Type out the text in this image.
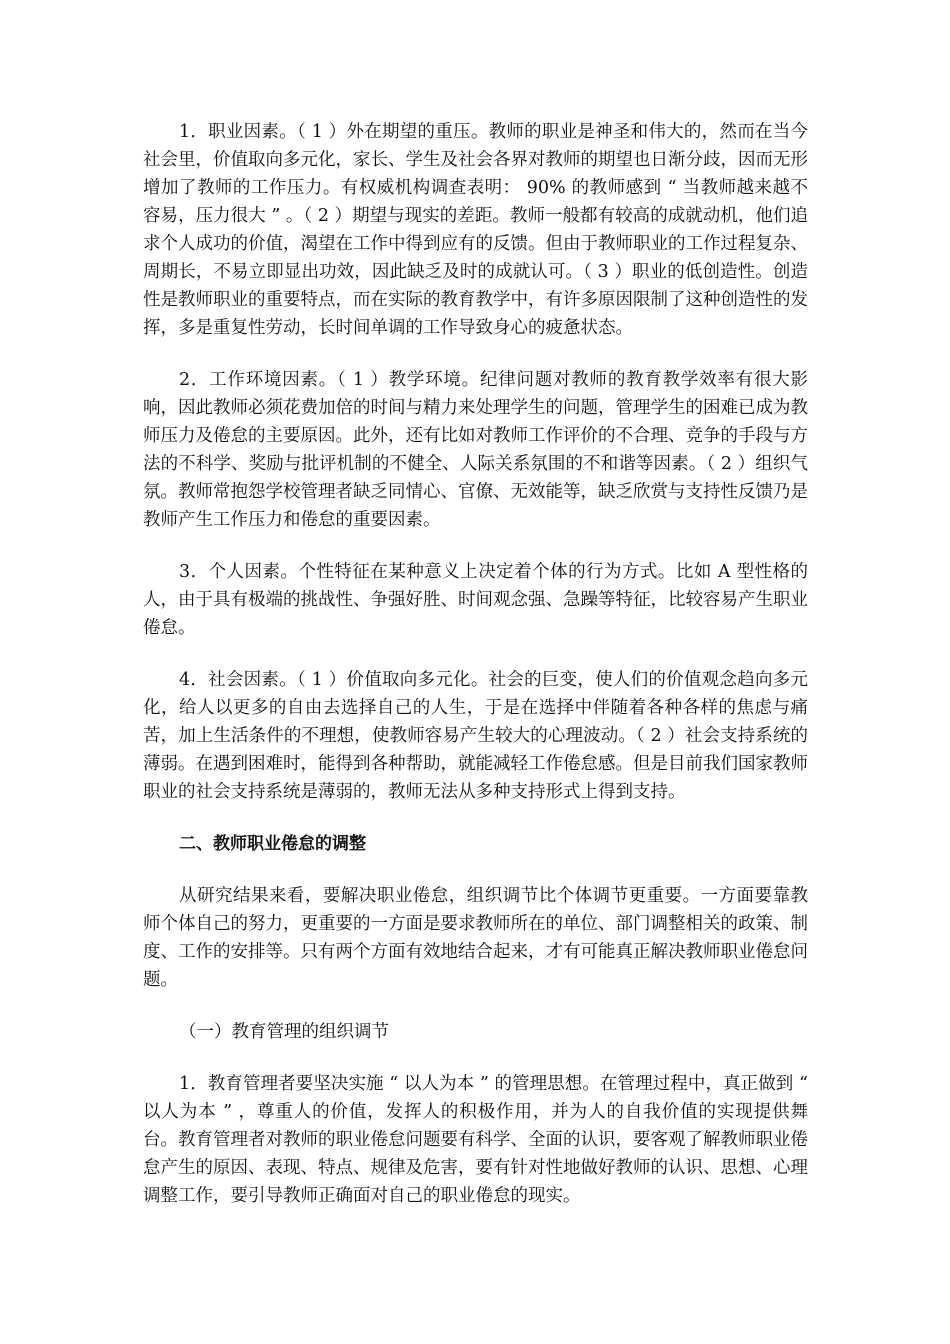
1．职业因素。（ 1 ）外在期望的重压。教师的职业是神圣和伟大的，然而在当今社会里，价值取向多元化，家长、学生及社会各界对教师的期望也日渐分歧，因而无形增加了教师的工作压力。有权威机构调查表明： 90% 的教师感到 “ 当教师越来越不容易，压力很大 ” 。（ 2 ）期望与现实的差距。教师一般都有较高的成就动机，他们追求个人成功的价值，渴望在工作中得到应有的反馈。但由于教师职业的工作过程复杂、周期长，不易立即显出功效，因此缺乏及时的成就认可。（ 3 ）职业的低创造性。创造性是教师职业的重要特点，而在实际的教育教学中，有许多原因限制了这种创造性的发挥，多是重复性劳动，长时间单调的工作导致身心的疲惫状态。

2．工作环境因素。（ 1 ）教学环境。纪律问题对教师的教育教学效率有很大影响，因此教师必须花费加倍的时间与精力来处理学生的问题，管理学生的困难已成为教师压力及倦怠的主要原因。此外，还有比如对教师工作评价的不合理、竞争的手段与方法的不科学、奖励与批评机制的不健全、人际关系氛围的不和谐等因素。（ 2 ）组织气氛。教师常抱怨学校管理者缺乏同情心、官僚、无效能等，缺乏欣赏与支持性反馈乃是教师产生工作压力和倦怠的重要因素。

3．个人因素。个性特征在某种意义上决定着个体的行为方式。比如 A 型性格的人，由于具有极端的挑战性、争强好胜、时间观念强、急躁等特征，比较容易产生职业倦怠。

4．社会因素。（ 1 ）价值取向多元化。社会的巨变，使人们的价值观念趋向多元化，给人以更多的自由去选择自己的人生，于是在选择中伴随着各种各样的焦虑与痛苦，加上生活条件的不理想，使教师容易产生较大的心理波动。（ 2 ）社会支持系统的薄弱。在遇到困难时，能得到各种帮助，就能减轻工作倦怠感。但是目前我们国家教师职业的社会支持系统是薄弱的，教师无法从多种支持形式上得到支持。

二、教师职业倦怠的调整

从研究结果来看，要解决职业倦怠，组织调节比个体调节更重要。一方面要靠教师个体自己的努力，更重要的一方面是要求教师所在的单位、部门调整相关的政策、制度、工作的安排等。只有两个方面有效地结合起来，才有可能真正解决教师职业倦怠问题。

（一）教育管理的组织调节

1．教育管理者要坚决实施 “ 以人为本 ” 的管理思想。在管理过程中，真正做到 “ 以人为本 ” ，尊重人的价值，发挥人的积极作用，并为人的自我价值的实现提供舞台。教育管理者对教师的职业倦怠问题要有科学、全面的认识，要客观了解教师职业倦怠产生的原因、表现、特点、规律及危害，要有针对性地做好教师的认识、思想、心理调整工作，要引导教师正确面对自己的职业倦怠的现实。
